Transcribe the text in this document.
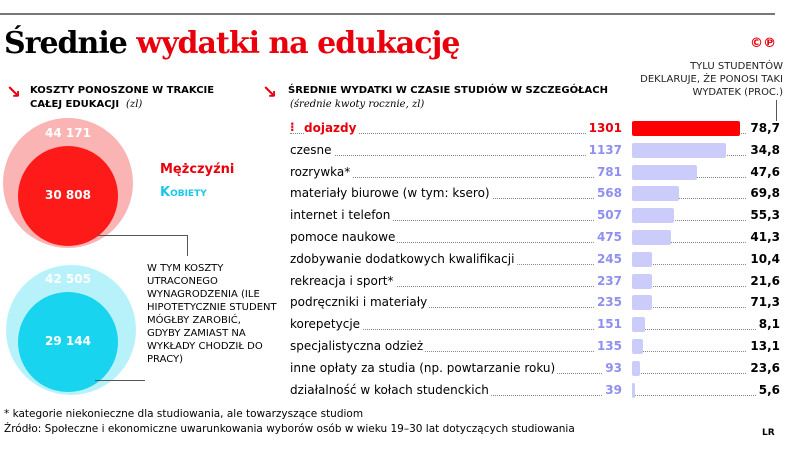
Średnie wydatki na edukację	©℗
↘ KOSZTY PONOSZONE W TRAKCIE
CAŁEJ EDUKACJI (zl)
44 171
30 808
Mężczyźni
Kobiety
42 505
29 144
W TYM KOSZTY UTRACONEGO WYNAGRODZENIA (ILE HIPOTETYCZNIE STUDENT MÓGŁBY ZAROBIĆ, GDYBY ZAMIAST NA WYKŁADY CHODZIŁ DO PRACY)
↘ ŚREDNIE WYDATKI W CZASIE STUDIÓW W SZCZEGÓŁACH
(średnie kwoty rocznie, zl)
TYLU STUDENTÓW DEKLARUJE, ŻE PONOSI TAKI WYDATEK (PROC.)
⁝ dojazdy	1301	78,7
czesne	1137	34,8
rozrywka*	781	47,6
materiały biurowe (w tym: ksero)	568	69,8
internet i telefon	507	55,3
pomoce naukowe	475	41,3
zdobywanie dodatkowych kwalifikacji	245	10,4
rekreacja i sport*	237	21,6
podręczniki i materiały	235	71,3
korepetycje	151	8,1
specjalistyczna odzież	135	13,1
inne opłaty za studia (np. powtarzanie roku)	93	23,6
działalność w kołach studenckich	39	5,6
* kategorie niekonieczne dla studiowania, ale towarzyszące studiom
Źródło: Społeczne i ekonomiczne uwarunkowania wyborów osób w wieku 19–30 lat dotyczących studiowania	LR
